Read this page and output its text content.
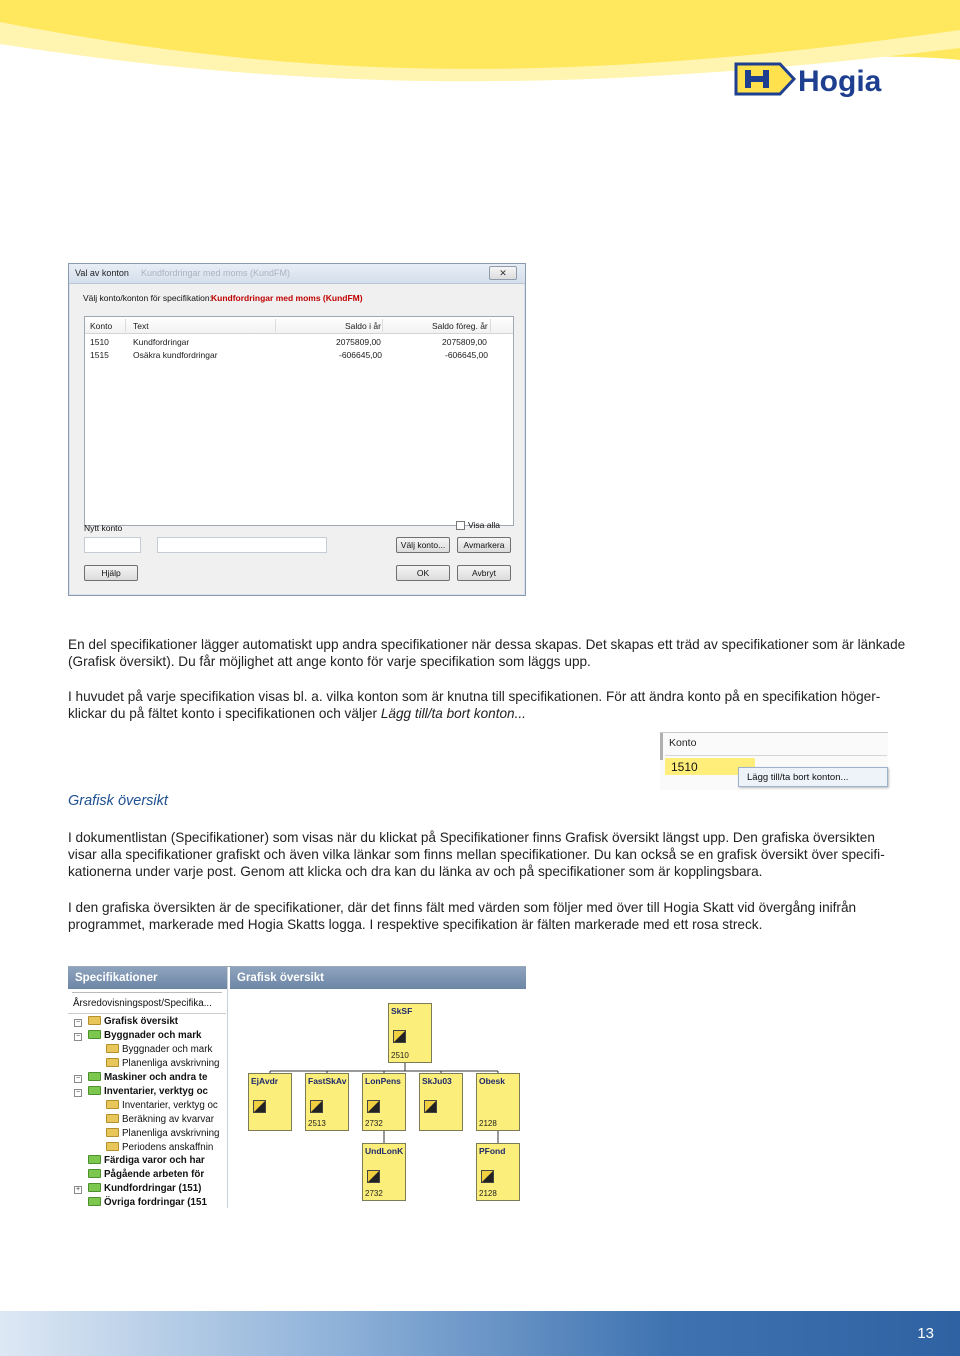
Hogia
Val av konton Kundfordringar med moms (KundFM)	✕
Välj konto/konton för specifikation: Kundfordringar med moms (KundFM)
Konto Text	Saldo i år	Saldo föreg. år
1510	Kundfordringar	2075809,00	2075809,00
1515	Osäkra kundfordringar	-606645,00	-606645,00
Nytt konto	Visa alla
Välj konto...	Avmarkera
Hjälp	OK	Avbryt
En del specifikationer lägger automatiskt upp andra specifikationer när dessa skapas. Det skapas ett träd av specifikationer som är länkade
(Grafisk översikt). Du får möjlighet att ange konto för varje specifikation som läggs upp.
I huvudet på varje specifikation visas bl. a. vilka konton som är knutna till specifikationen. För att ändra konto på en specifikation höger-
klickar du på fältet konto i specifikationen och väljer Lägg till/ta bort konton...
Konto
1510
Lägg till/ta bort konton...
Grafisk översikt
I dokumentlistan (Specifikationer) som visas när du klickat på Specifikationer finns Grafisk översikt längst upp. Den grafiska översikten
visar alla specifikationer grafiskt och även vilka länkar som finns mellan specifikationer. Du kan också se en grafisk översikt över specifi-
kationerna under varje post. Genom att klicka och dra kan du länka av och på specifikationer som är kopplingsbara.
I den grafiska översikten är de specifikationer, där det finns fält med värden som följer med över till Hogia Skatt vid övergång inifrån
programmet, markerade med Hogia Skatts logga. I respektive specifikation är fälten markerade med ett rosa streck.
Specifikationer
Årsredovisningspost/Specifika...
−	Grafisk översikt
−	Byggnader och mark
Byggnader och mark
Planenliga avskrivning
−	Maskiner och andra te
−	Inventarier, verktyg oc
Inventarier, verktyg oc
Beräkning av kvarvar
Planenliga avskrivning
Periodens anskaffnin
Färdiga varor och har
Pågående arbeten för
+	Kundfordringar (151)
Övriga fordringar (151
Grafisk översikt
SkSF
2510
EjAvdr	FastSkAv
2513
LonPens
2732
SkJu03	Obesk
2128
UndLonK
2732
PFond
2128
13
